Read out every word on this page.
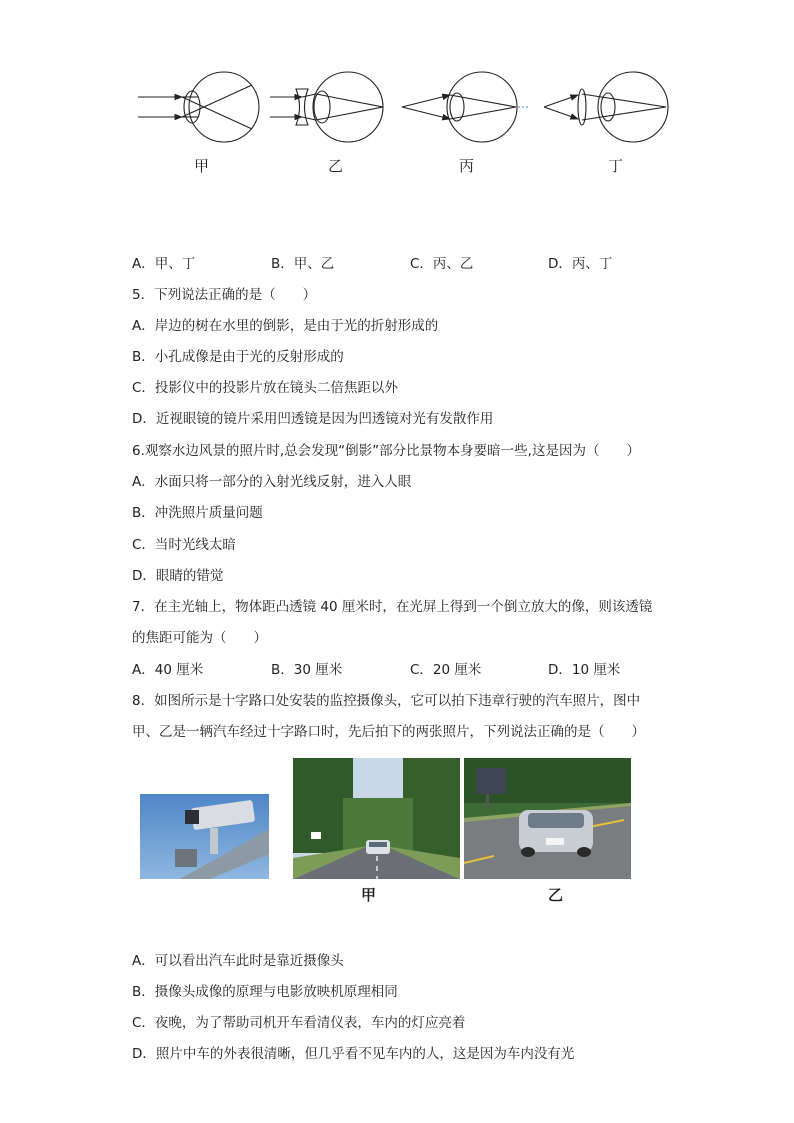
甲	乙	丙	丁
A．甲、丁	B．甲、乙	C．丙、乙	D．丙、丁
5．下列说法正确的是（　　）
A．岸边的树在水里的倒影，是由于光的折射形成的
B．小孔成像是由于光的反射形成的
C．投影仪中的投影片放在镜头二倍焦距以外
D．近视眼镜的镜片采用凹透镜是因为凹透镜对光有发散作用
6.观察水边风景的照片时,总会发现“倒影”部分比景物本身要暗一些,这是因为（　　）
A．水面只将一部分的入射光线反射，进入人眼
B．冲洗照片质量问题
C．当时光线太暗
D．眼睛的错觉
7．在主光轴上，物体距凸透镜 40 厘米时，在光屏上得到一个倒立放大的像，则该透镜
的焦距可能为（　　）
A．40 厘米	B．30 厘米	C．20 厘米	D．10 厘米
8．如图所示是十字路口处安装的监控摄像头，它可以拍下违章行驶的汽车照片，图中
甲、乙是一辆汽车经过十字路口时，先后拍下的两张照片，下列说法正确的是（　　）
甲	乙
A．可以看出汽车此时是靠近摄像头
B．摄像头成像的原理与电影放映机原理相同
C．夜晚，为了帮助司机开车看清仪表，车内的灯应亮着
D．照片中车的外表很清晰，但几乎看不见车内的人，这是因为车内没有光
